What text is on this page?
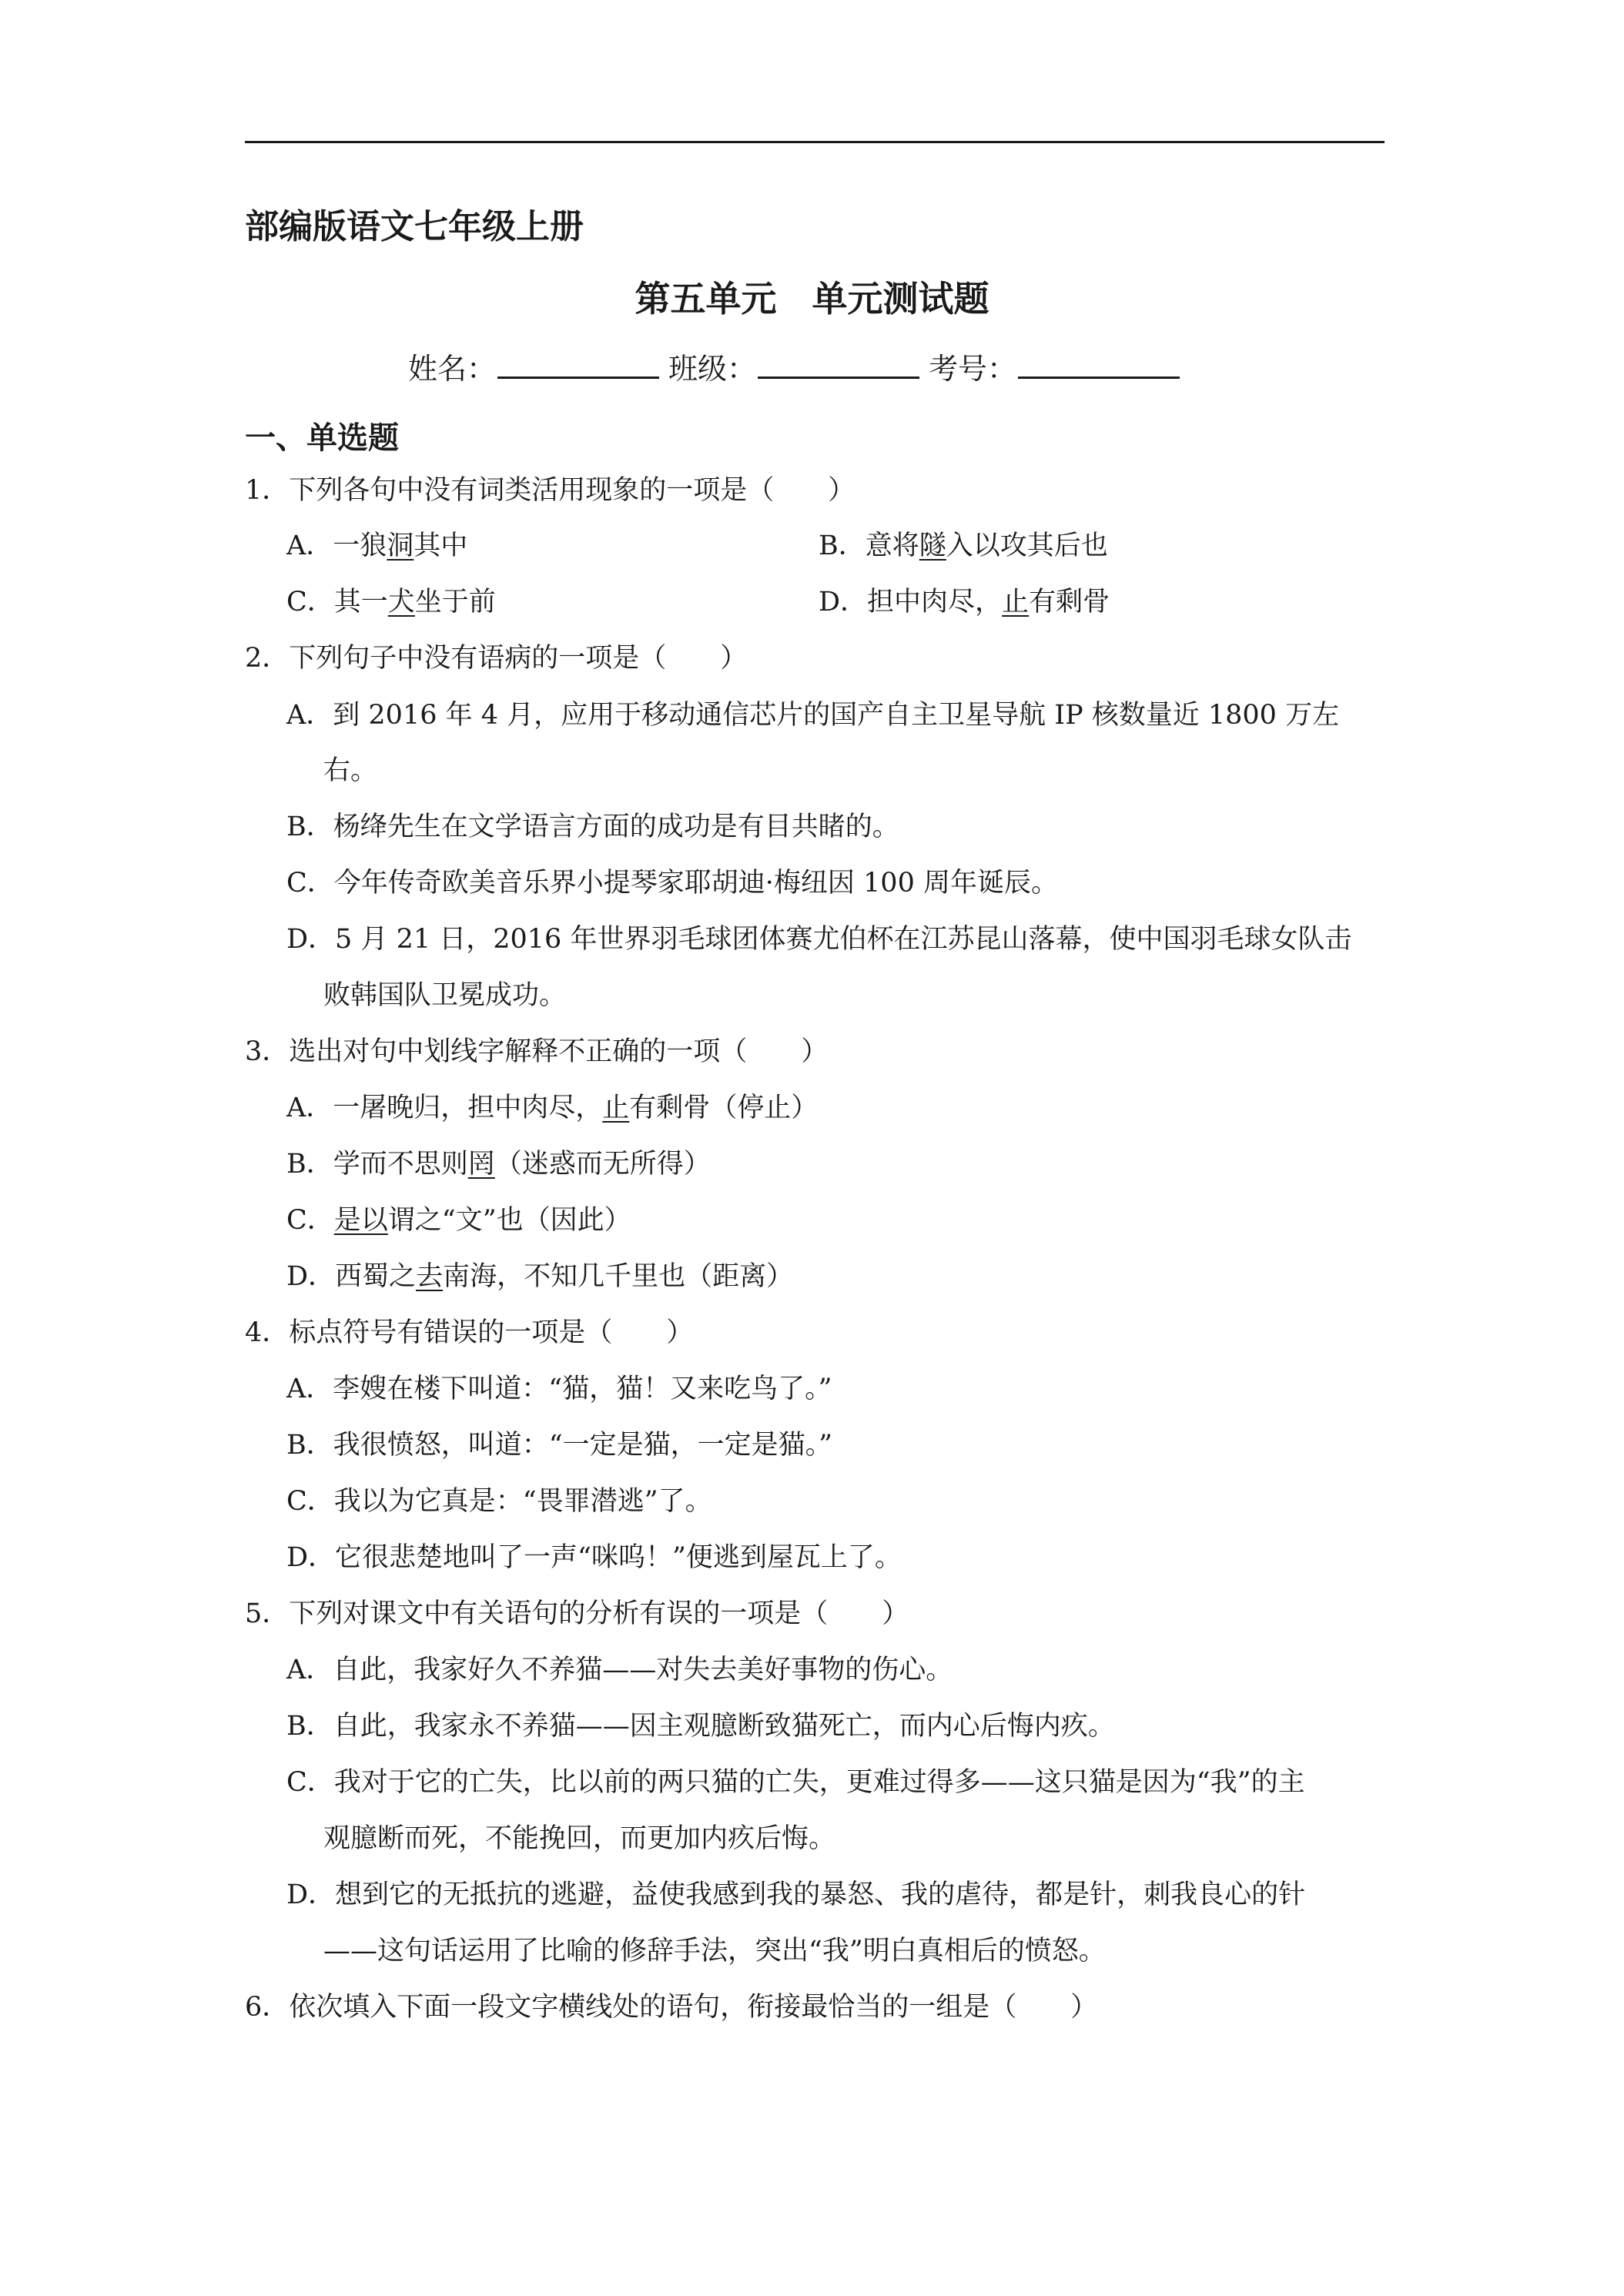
部编版语文七年级上册
第五单元　单元测试题
姓名：	班级：	考号：
一、单选题
1．下列各句中没有词类活用现象的一项是（　　）
A．一狼洞其中	B．意将隧入以攻其后也
C．其一犬坐于前	D．担中肉尽，止有剩骨
2．下列句子中没有语病的一项是（　　）
A．到 2016 年 4 月，应用于移动通信芯片的国产自主卫星导航 IP 核数量近 1800 万左
右。
B．杨绛先生在文学语言方面的成功是有目共睹的。
C．今年传奇欧美音乐界小提琴家耶胡迪·梅纽因 100 周年诞辰。
D．5 月 21 日，2016 年世界羽毛球团体赛尤伯杯在江苏昆山落幕，使中国羽毛球女队击
败韩国队卫冕成功。
3．选出对句中划线字解释不正确的一项（　　）
A．一屠晚归，担中肉尽，止有剩骨（停止）
B．学而不思则罔（迷惑而无所得）
C．是以谓之“文”也（因此）
D．西蜀之去南海，不知几千里也（距离）
4．标点符号有错误的一项是（　　）
A．李嫂在楼下叫道：“猫，猫！又来吃鸟了。”
B．我很愤怒，叫道：“一定是猫，一定是猫。”
C．我以为它真是：“畏罪潜逃”了。
D．它很悲楚地叫了一声“咪呜！”便逃到屋瓦上了。
5．下列对课文中有关语句的分析有误的一项是（　　）
A．自此，我家好久不养猫——对失去美好事物的伤心。
B．自此，我家永不养猫——因主观臆断致猫死亡，而内心后悔内疚。
C．我对于它的亡失，比以前的两只猫的亡失，更难过得多——这只猫是因为“我”的主
观臆断而死，不能挽回，而更加内疚后悔。
D．想到它的无抵抗的逃避，益使我感到我的暴怒、我的虐待，都是针，刺我良心的针
——这句话运用了比喻的修辞手法，突出“我”明白真相后的愤怒。
6．依次填入下面一段文字横线处的语句，衔接最恰当的一组是（　　）
